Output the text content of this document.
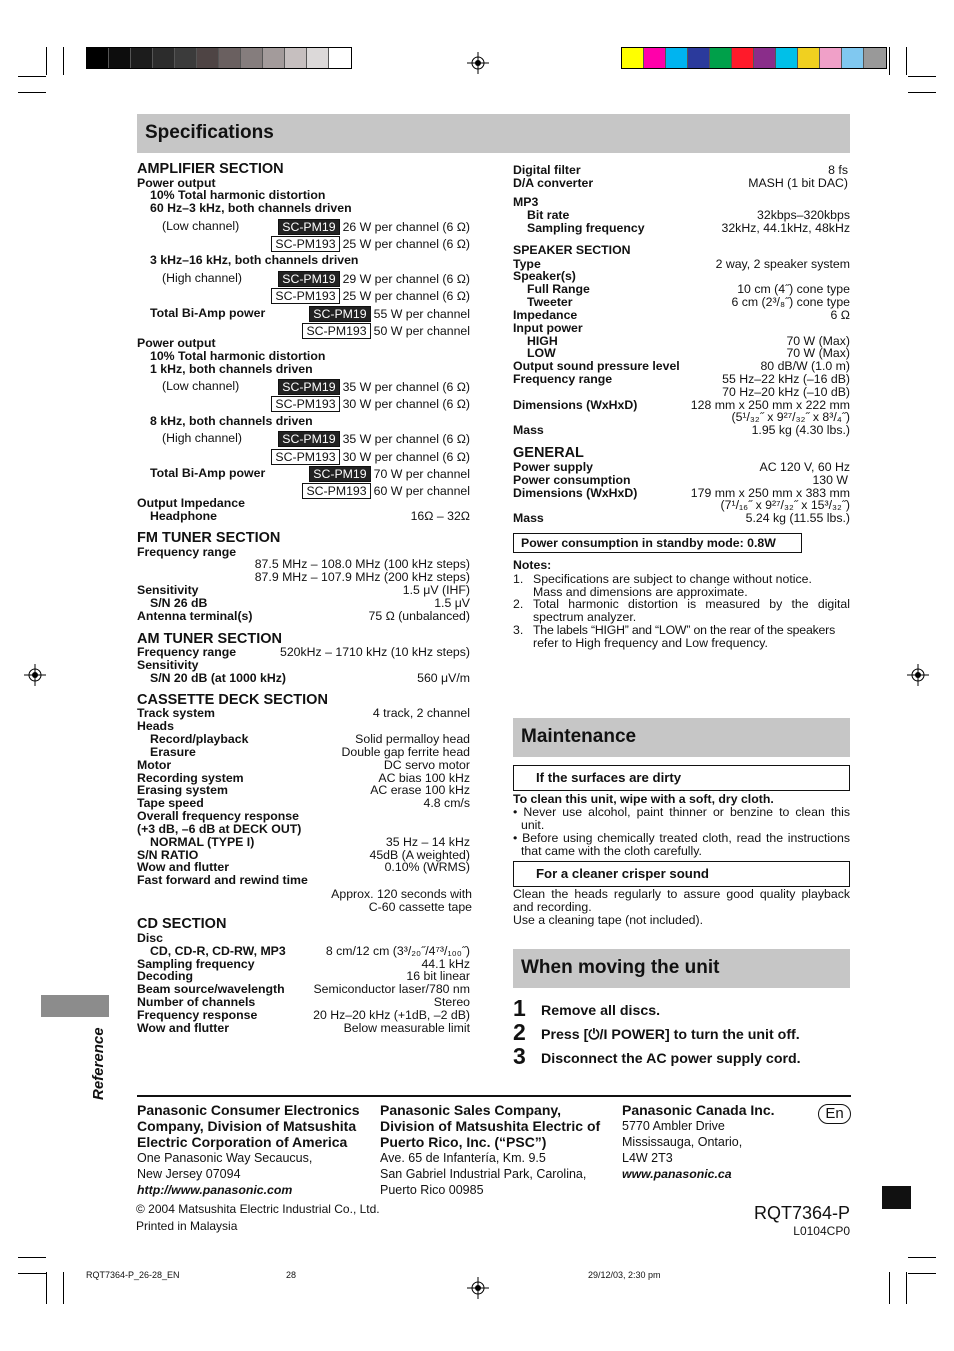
Specifications
AMPLIFIER SECTION
Power output
10% Total harmonic distortion
60 Hz–3 kHz, both channels driven
(Low channel)	SC-PM19 26 W per channel (6 Ω)
SC-PM193 25 W per channel (6 Ω)
3 kHz–16 kHz, both channels driven
(High channel)	SC-PM19 29 W per channel (6 Ω)
SC-PM193 25 W per channel (6 Ω)
Total Bi-Amp power	SC-PM19 55 W per channel
SC-PM193 50 W per channel
Power output
10% Total harmonic distortion
1 kHz, both channels driven
(Low channel)	SC-PM19 35 W per channel (6 Ω)
SC-PM193 30 W per channel (6 Ω)
8 kHz, both channels driven
(High channel)	SC-PM19 35 W per channel (6 Ω)
SC-PM193 30 W per channel (6 Ω)
Total Bi-Amp power	SC-PM19 70 W per channel
SC-PM193 60 W per channel
Output Impedance
Headphone	16Ω – 32Ω
FM TUNER SECTION
Frequency range
87.5 MHz – 108.0 MHz (100 kHz steps)
87.9 MHz – 107.9 MHz (200 kHz steps)
Sensitivity	1.5 μV (IHF)
S/N 26 dB	1.5 μV
Antenna terminal(s)	75 Ω (unbalanced)
AM TUNER SECTION
Frequency range	520kHz – 1710 kHz (10 kHz steps)
Sensitivity
S/N 20 dB (at 1000 kHz)	560 μV/m
CASSETTE DECK SECTION
Track system	4 track, 2 channel
Heads
Record/playback	Solid permalloy head
Erasure	Double gap ferrite head
Motor	DC servo motor
Recording system	AC bias 100 kHz
Erasing system	AC erase 100 kHz
Tape speed	4.8 cm/s
Overall frequency response
(+3 dB, –6 dB at DECK OUT)
NORMAL (TYPE I)	35 Hz – 14 kHz
S/N RATIO	45dB (A weighted)
Wow and flutter	0.10% (WRMS)
Fast forward and rewind time
Approx. 120 seconds with
C-60 cassette tape
CD SECTION
Disc
CD, CD-R, CD-RW, MP3	8 cm/12 cm (3³/₂₀˝/4⁷³/₁₀₀˝)
Sampling frequency	44.1 kHz
Decoding	16 bit linear
Beam source/wavelength Semiconductor laser/780 nm
Number of channels	Stereo
Frequency response	20 Hz–20 kHz (+1dB, –2 dB)
Wow and flutter	Below measurable limit
Digital filter	8 fs
D/A converter	MASH (1 bit DAC)
MP3
Bit rate	32kbps–320kbps
Sampling frequency	32kHz, 44.1kHz, 48kHz
SPEAKER SECTION
Type	2 way, 2 speaker system
Speaker(s)
Full Range	10 cm (4˝) cone type
Tweeter	6 cm (2³/₈˝) cone type
Impedance	6 Ω
Input power
HIGH	70 W (Max)
LOW	70 W (Max)
Output sound pressure level	80 dB/W (1.0 m)
Frequency range	55 Hz–22 kHz (–16 dB)
70 Hz–20 kHz (–10 dB)
Dimensions (WxHxD)	128 mm x 250 mm x 222 mm
(5¹/₃₂˝ x 9²⁷/₃₂˝ x 8³/₄˝)
Mass	1.95 kg (4.30 lbs.)
GENERAL
Power supply	AC 120 V, 60 Hz
Power consumption	130 W
Dimensions (WxHxD)	179 mm x 250 mm x 383 mm
(7¹/₁₆˝ x 9²⁷/₃₂˝ x 15³/₃₂˝)
Mass	5.24 kg (11.55 lbs.)
Power consumption in standby mode: 0.8W
Notes:
1. Specifications are subject to change without notice.
Mass and dimensions are approximate.
2. Total harmonic distortion is measured by the digital
spectrum analyzer.
3. The labels “HIGH” and “LOW” on the rear of the speakers
refer to High frequency and Low frequency.
Maintenance
If the surfaces are dirty
To clean this unit, wipe with a soft, dry cloth.
• Never use alcohol, paint thinner or benzine to clean this
unit.
• Before using chemically treated cloth, read the instructions
that came with the cloth carefully.
For a cleaner crisper sound
Clean the heads regularly to assure good quality playback
and recording.
Use a cleaning tape (not included).
When moving the unit
1 Remove all discs.
2 Press [⏻/I POWER] to turn the unit off.
3 Disconnect the AC power supply cord.
Reference
Panasonic Consumer Electronics
Company, Division of Matsushita
Electric Corporation of America
One Panasonic Way Secaucus,
New Jersey 07094
http://www.panasonic.com
Panasonic Sales Company,
Division of Matsushita Electric of
Puerto Rico, Inc. (“PSC”)
Ave. 65 de Infantería, Km. 9.5
San Gabriel Industrial Park, Carolina,
Puerto Rico 00985
Panasonic Canada Inc.
5770 Ambler Drive
Mississauga, Ontario,
L4W 2T3
www.panasonic.ca
En
© 2004 Matsushita Electric Industrial Co., Ltd.
Printed in Malaysia
RQT7364-P
L0104CP0
RQT7364-P_26-28_EN	28	29/12/03, 2:30 pm
